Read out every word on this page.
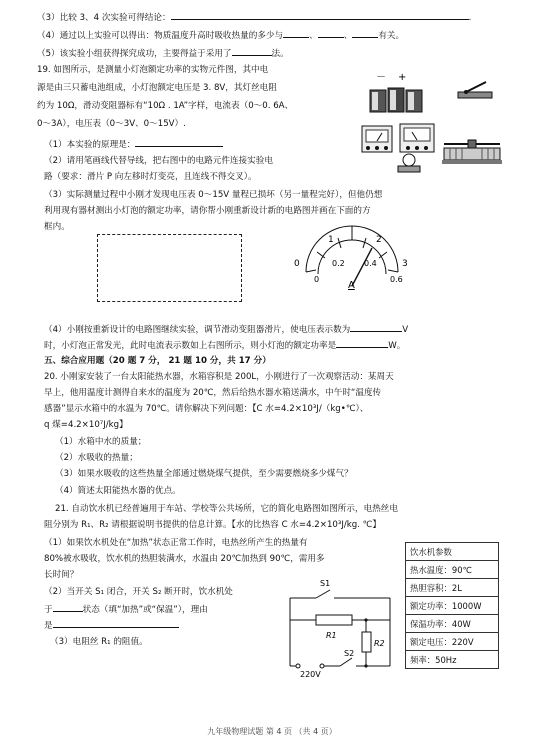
（3）比较 3、4 次实验可得结论：	.
（4）通过以上实验可以得出：物质温度升高时吸收热量的多少与	、	、	有关。
（5）该实验小组获得探究成功，主要得益于采用了	法。
19. 如图所示，是测量小灯泡额定功率的实物元件图，其中电
源是由三只蓄电池组成，小灯泡额定电压是 3. 8V，其灯丝电阻
约为 10Ω，滑动变阻器标有“10Ω . 1A”字样，电流表（0～0. 6A、
0～3A），电压表（0～3V、0～15V）.
（1）本实验的原理是：
（2）请用笔画线代替导线，把右图中的电路元件连接实验电
路（要求：滑片 P 向左移时灯变亮，且连线不得交叉）。
（3）实际测量过程中小刚才发现电压表 0～15V 量程已损坏（另一量程完好），但他仍想
利用现有器材测出小灯泡的额定功率，请你帮小刚重新设计新的电路图并画在下面的方
框内。
－ +
1	2
0	3
0
0.2 0.4
0.6
A
（4）小刚按重新设计的电路图继续实验，调节滑动变阻器滑片，使电压表示数为	V
时，小灯泡正常发光，此时电流表示数如上右图所示，则小灯泡的额定功率是	W。
五、综合应用题（20 题 7 分， 21 题 10 分，共 17 分）
20. 小刚家安装了一台太阳能热水器，水箱容积是 200L，小刚进行了一次观察活动：某周天
早上，他用温度计测得自来水的温度为 20℃，然后给热水器水箱送满水，中午时“温度传
感器”显示水箱中的水温为 70℃。请你解决下列问题：【C 水=4.2×10³J/（kg•℃）、
q 煤=4.2×10⁷J/kg】
（1）水箱中水的质量；
（2）水吸收的热量；
（3）如果水吸收的这些热量全部通过燃烧煤气提供，至少需要燃烧多少煤气？
（4）简述太阳能热水器的优点。
21. 自动饮水机已经普遍用于车站、学校等公共场所，它的简化电路图如图所示，电热丝电
阻分别为 R₁、R₂ 请根据说明书提供的信息计算。【水的比热容 C 水=4.2×10³J/kg. ℃】
（1）如果饮水机处在“加热”状态正常工作时，电热丝所产生的热量有
80%被水吸收，饮水机的热胆装满水，水温由 20℃加热到 90℃，需用多
长时间？
（2）当开关 S₁ 闭合，开关 S₂ 断开时，饮水机处
于	状态（填“加热”或“保温”），理由
是
（3）电阻丝 R₁ 的阻值。
S1
R1
R2
S2
220V
饮水机参数
热水温度：90℃
热胆容积：2L
额定功率：1000W
保温功率：40W
额定电压：220V
频率：50Hz
九年级物理试题 第 4 页 （共 4 页）
